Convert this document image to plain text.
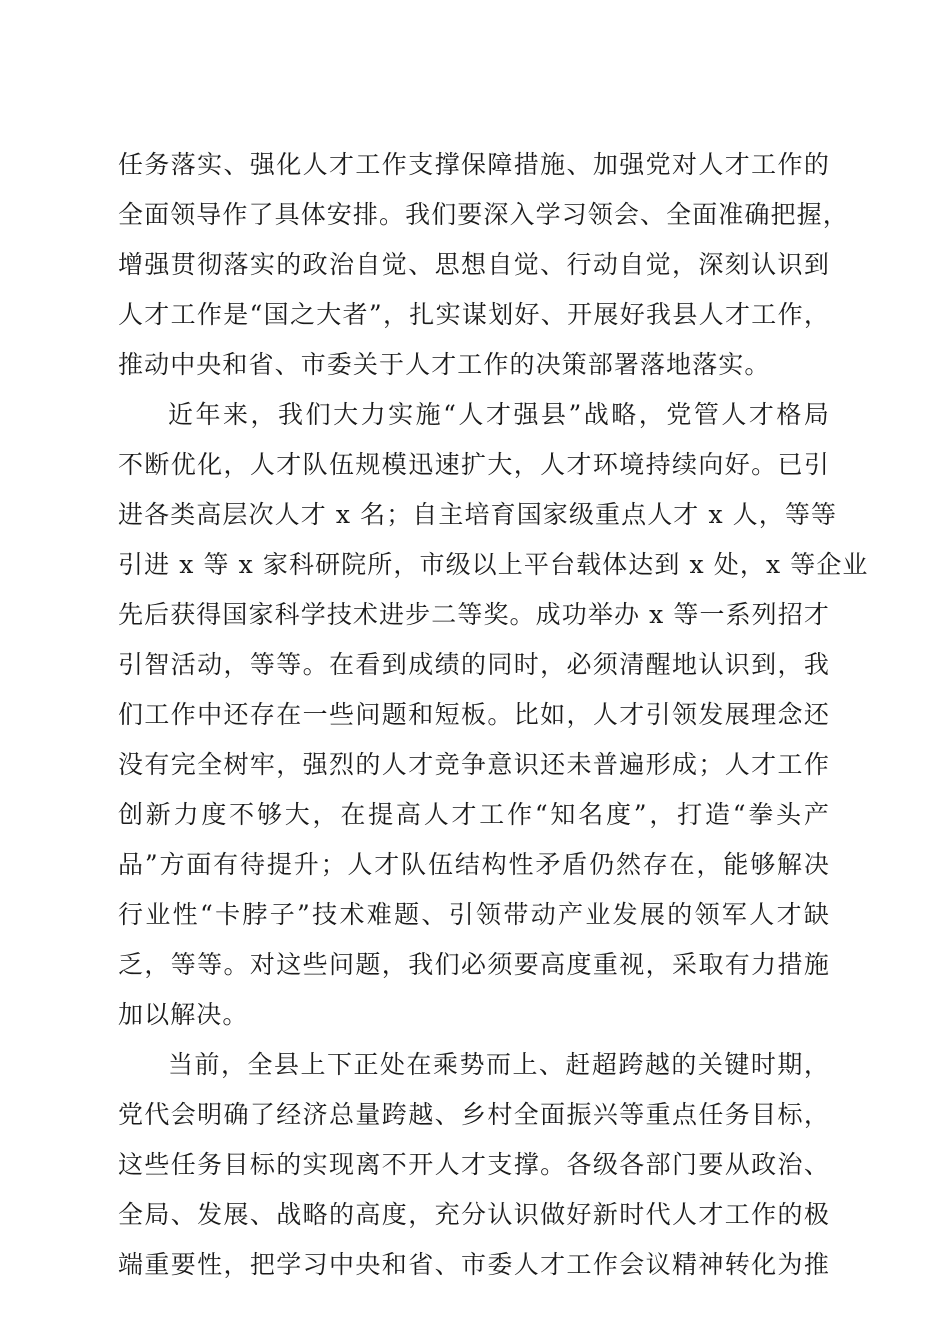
任务落实、强化人才工作支撑保障措施、加强党对人才工作的
全面领导作了具体安排。我们要深入学习领会、全面准确把握，
增强贯彻落实的政治自觉、思想自觉、行动自觉，深刻认识到
人才工作是“国之大者”，扎实谋划好、开展好我县人才工作，
推动中央和省、市委关于人才工作的决策部署落地落实。
近年来，我们大力实施“人才强县”战略，党管人才格局
不断优化，人才队伍规模迅速扩大，人才环境持续向好。已引
进各类高层次人才 x 名；自主培育国家级重点人才 x 人，等等
引进 x 等 x 家科研院所，市级以上平台载体达到 x 处，x 等企业
先后获得国家科学技术进步二等奖。成功举办 x 等一系列招才
引智活动，等等。在看到成绩的同时，必须清醒地认识到，我
们工作中还存在一些问题和短板。比如，人才引领发展理念还
没有完全树牢，强烈的人才竞争意识还未普遍形成；人才工作
创新力度不够大，在提高人才工作“知名度”，打造“拳头产
品”方面有待提升；人才队伍结构性矛盾仍然存在，能够解决
行业性“卡脖子”技术难题、引领带动产业发展的领军人才缺
乏，等等。对这些问题，我们必须要高度重视，采取有力措施
加以解决。
当前，全县上下正处在乘势而上、赶超跨越的关键时期，
党代会明确了经济总量跨越、乡村全面振兴等重点任务目标，
这些任务目标的实现离不开人才支撑。各级各部门要从政治、
全局、发展、战略的高度，充分认识做好新时代人才工作的极
端重要性，把学习中央和省、市委人才工作会议精神转化为推
